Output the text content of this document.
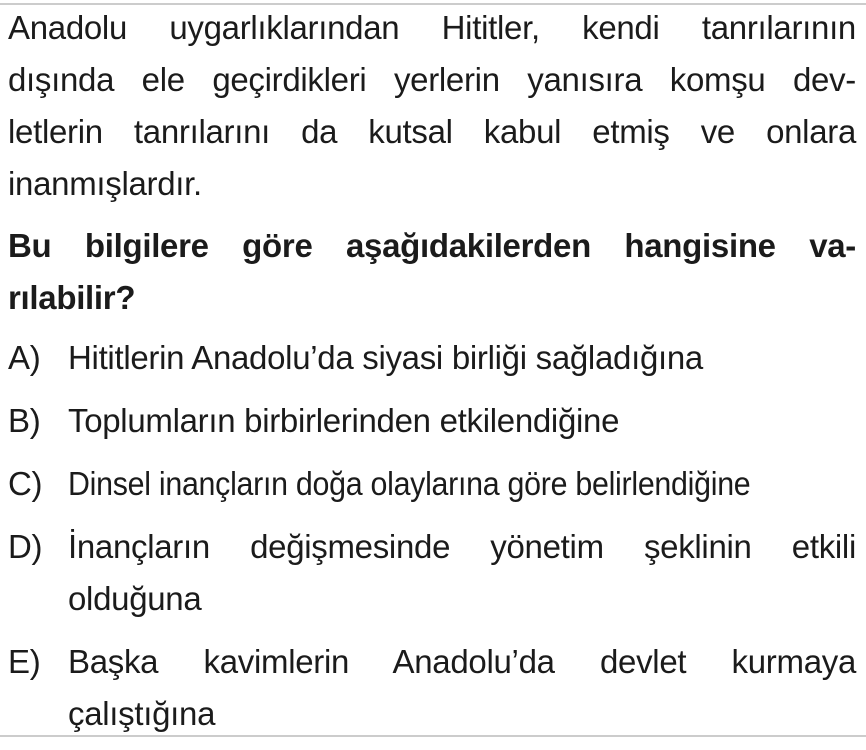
Anadolu uygarlıklarından Hititler, kendi tanrılarının
dışında ele geçirdikleri yerlerin yanısıra komşu dev-
letlerin tanrılarını da kutsal kabul etmiş ve onlara
inanmışlardır.
Bu bilgilere göre aşağıdakilerden hangisine va-
rılabilir?
A) Hititlerin Anadolu’da siyasi birliği sağladığına
B) Toplumların birbirlerinden etkilendiğine
C) Dinsel inançların doğa olaylarına göre belirlendiğine
D) İnançların değişmesinde yönetim şeklinin etkili
olduğuna
E) Başka kavimlerin Anadolu’da devlet kurmaya
çalıştığına
